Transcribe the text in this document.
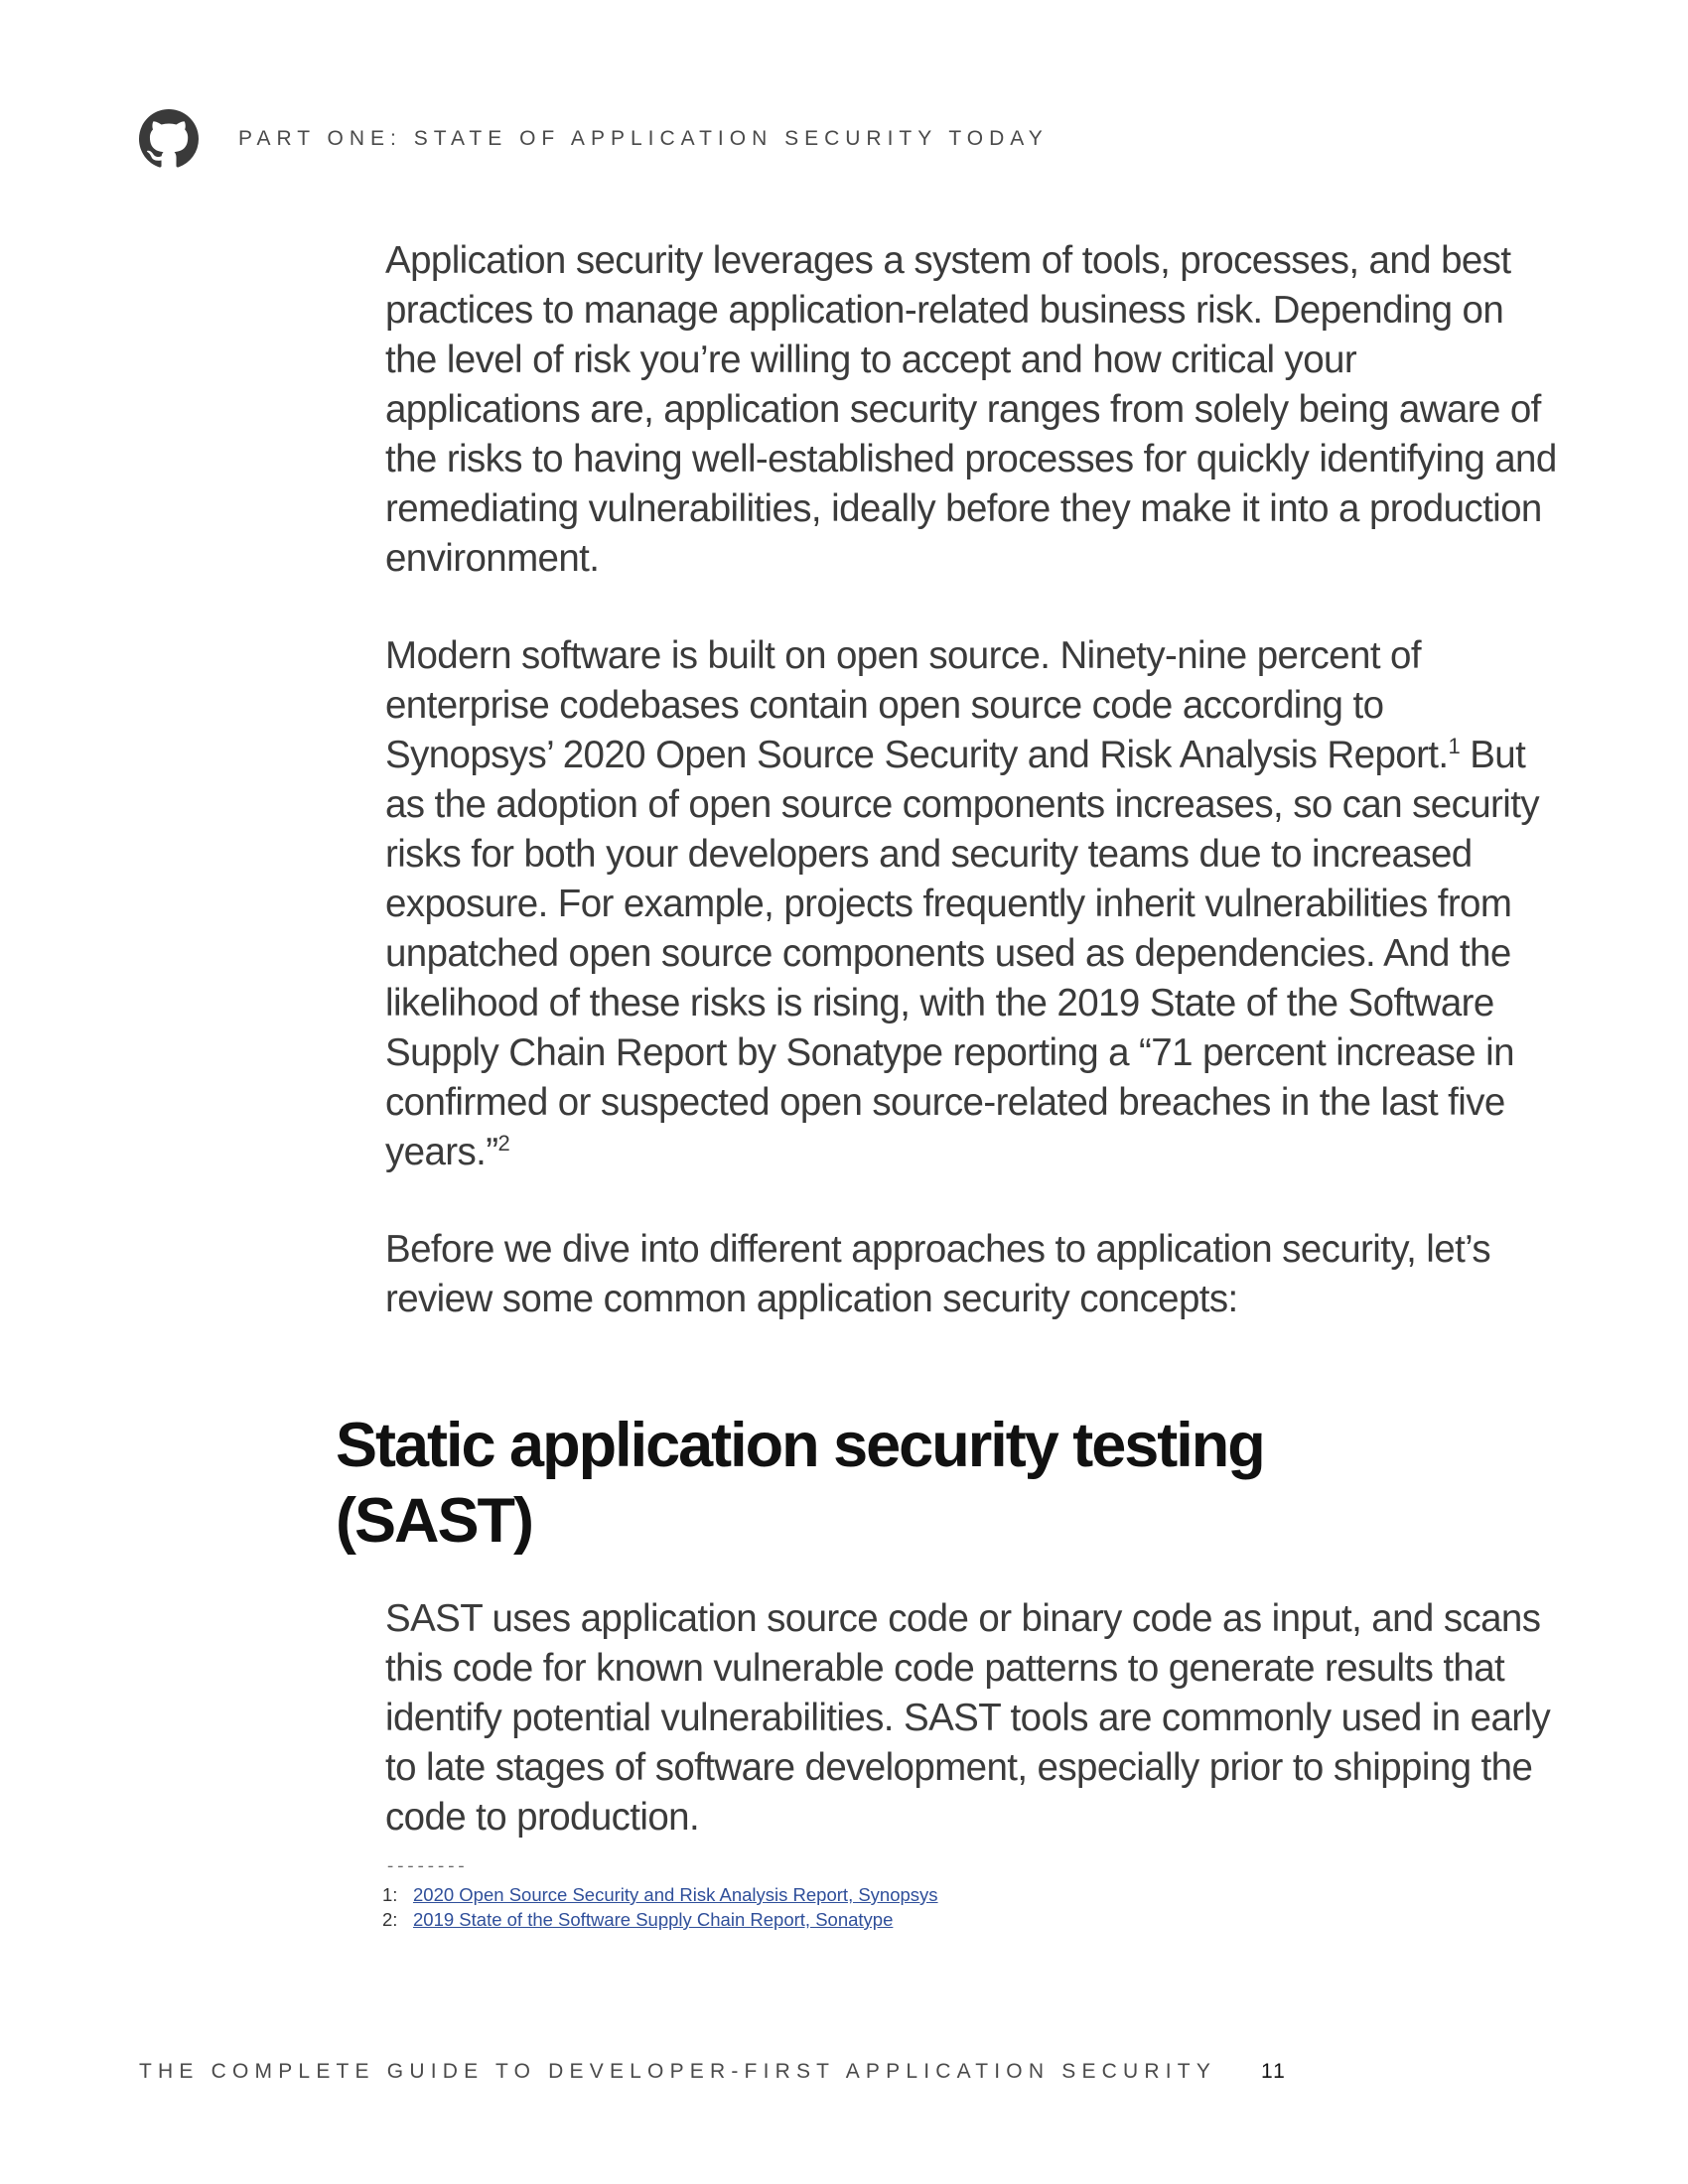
PART ONE: STATE OF APPLICATION SECURITY TODAY

Application security leverages a system of tools, processes, and best practices to manage application-related business risk. Depending on the level of risk you’re willing to accept and how critical your applications are, application security ranges from solely being aware of the risks to having well-established processes for quickly identifying and remediating vulnerabilities, ideally before they make it into a production environment.

Modern software is built on open source. Ninety-nine percent of enterprise codebases contain open source code according to Synopsys’ 2020 Open Source Security and Risk Analysis Report.$^1$ But as the adoption of open source components increases, so can security risks for both your developers and security teams due to increased exposure. For example, projects frequently inherit vulnerabilities from unpatched open source components used as dependencies. And the likelihood of these risks is rising, with the 2019 State of the Software Supply Chain Report by Sonatype reporting a “71 percent increase in confirmed or suspected open source-related breaches in the last five years.”$^2$

Before we dive into different approaches to application security, let’s review some common application security concepts:

Static application security testing (SAST)

SAST uses application source code or binary code as input, and scans this code for known vulnerable code patterns to generate results that identify potential vulnerabilities. SAST tools are commonly used in early to late stages of software development, especially prior to shipping the code to production.

--------
1: 2020 Open Source Security and Risk Analysis Report, Synopsys
2: 2019 State of the Software Supply Chain Report, Sonatype
THE COMPLETE GUIDE TO DEVELOPER-FIRST APPLICATION SECURITY 11
